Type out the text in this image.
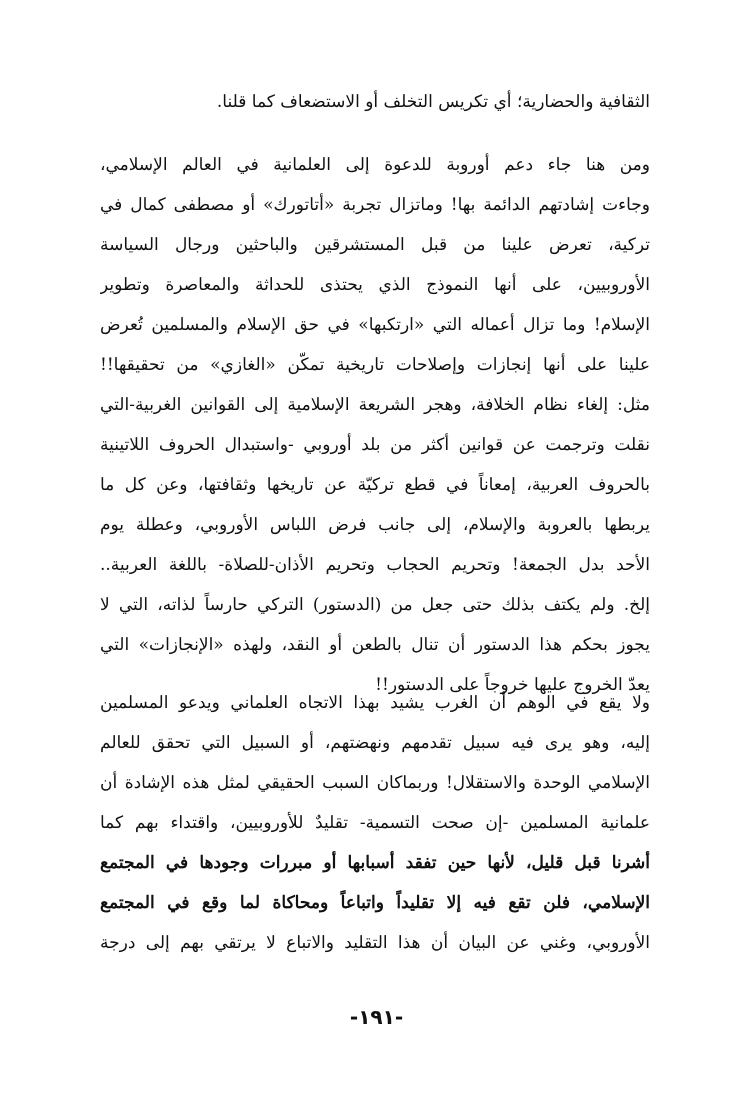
الثقافية والحضارية؛ أي تكريس التخلف أو الاستضعاف كما قلنا.
ومن هنا جاء دعم أوروبة للدعوة إلى العلمانية في العالم الإسلامي،
وجاءت إشادتهم الدائمة بها! وماتزال تجربة «أتاتورك» أو مصطفى كمال في
تركية، تعرض علينا من قبل المستشرقين والباحثين ورجال السياسة
الأوروبيين، على أنها النموذج الذي يحتذى للحداثة والمعاصرة وتطوير
الإسلام! وما تزال أعماله التي «ارتكبها» في حق الإسلام والمسلمين تُعرض
علينا على أنها إنجازات وإصلاحات تاريخية تمكّن «الغازي» من تحقيقها!!
مثل: إلغاء نظام الخلافة، وهجر الشريعة الإسلامية إلى القوانين الغربية-التي
نقلت وترجمت عن قوانين أكثر من بلد أوروبي -واستبدال الحروف اللاتينية
بالحروف العربية، إمعاناً في قطع تركيّة عن تاريخها وثقافتها، وعن كل ما
يربطها بالعروبة والإسلام، إلى جانب فرض اللباس الأوروبي، وعطلة يوم
الأحد بدل الجمعة! وتحريم الحجاب وتحريم الأذان-للصلاة- باللغة العربية..
إلخ. ولم يكتف بذلك حتى جعل من (الدستور) التركي حارساً لذاته، التي لا
يجوز بحكم هذا الدستور أن تنال بالطعن أو النقد، ولهذه «الإنجازات» التي
يعدّ الخروج عليها خروجاً على الدستور!!
ولا يقع في الوهم أن الغرب يشيد بهذا الاتجاه العلماني ويدعو المسلمين
إليه، وهو يرى فيه سبيل تقدمهم ونهضتهم، أو السبيل التي تحقق للعالم
الإسلامي الوحدة والاستقلال! وربماكان السبب الحقيقي لمثل هذه الإشادة أن
علمانية المسلمين -إن صحت التسمية- تقليدٌ للأوروبيين، واقتداء بهم كما
أشرنا قبل قليل، لأنها حين تفقد أسبابها أو مبررات وجودها في المجتمع
الإسلامي، فلن تقع فيه إلا تقليداً واتباعاً ومحاكاة لما وقع في المجتمع
الأوروبي، وغني عن البيان أن هذا التقليد والاتباع لا يرتقي بهم إلى درجة
-١٩١-
